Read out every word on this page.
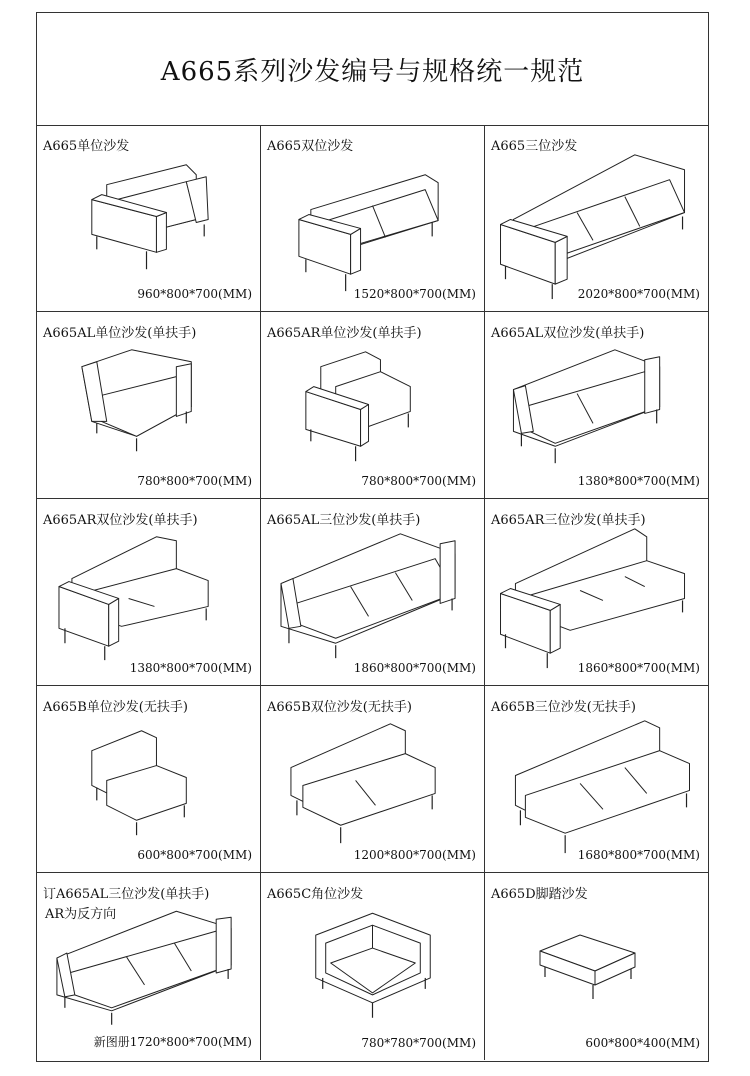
A665系列沙发编号与规格统一规范
A665单位沙发
960*800*700(MM)
A665双位沙发
1520*800*700(MM)
A665三位沙发
2020*800*700(MM)
A665AL单位沙发(单扶手)
780*800*700(MM)
A665AR单位沙发(单扶手)
780*800*700(MM)
A665AL双位沙发(单扶手)
1380*800*700(MM)
A665AR双位沙发(单扶手)
1380*800*700(MM)
A665AL三位沙发(单扶手)
1860*800*700(MM)
A665AR三位沙发(单扶手)
1860*800*700(MM)
A665B单位沙发(无扶手)
600*800*700(MM)
A665B双位沙发(无扶手)
1200*800*700(MM)
A665B三位沙发(无扶手)
1680*800*700(MM)
订A665AL三位沙发(单扶手)
AR为反方向
新图册1720*800*700(MM)
A665C角位沙发
780*780*700(MM)
A665D脚踏沙发
600*800*400(MM)
